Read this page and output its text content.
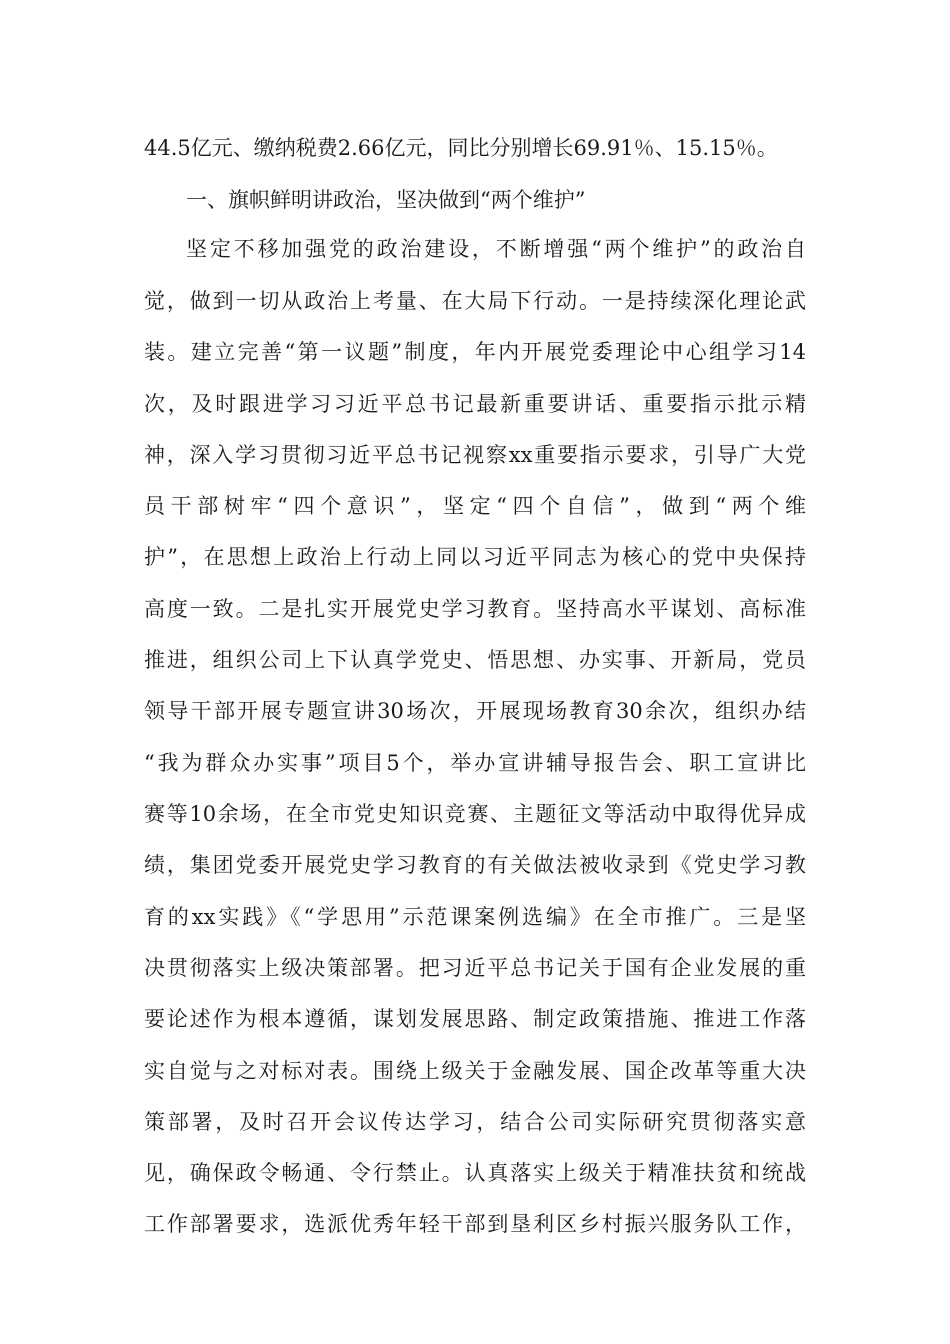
44.5亿元、缴纳税费2.66亿元，同比分别增长69.91％、15.15％。
一、旗帜鲜明讲政治，坚决做到“两个维护”
坚定不移加强党的政治建设，不断增强“两个维护”的政治自
觉，做到一切从政治上考量、在大局下行动。一是持续深化理论武
装。建立完善“第一议题”制度，年内开展党委理论中心组学习14
次，及时跟进学习习近平总书记最新重要讲话、重要指示批示精
神，深入学习贯彻习近平总书记视察xx重要指示要求，引导广大党
员干部树牢“四个意识”，坚定“四个自信”，做到“两个维
护”，在思想上政治上行动上同以习近平同志为核心的党中央保持
高度一致。二是扎实开展党史学习教育。坚持高水平谋划、高标准
推进，组织公司上下认真学党史、悟思想、办实事、开新局，党员
领导干部开展专题宣讲30场次，开展现场教育30余次，组织办结
“我为群众办实事”项目5个，举办宣讲辅导报告会、职工宣讲比
赛等10余场，在全市党史知识竞赛、主题征文等活动中取得优异成
绩，集团党委开展党史学习教育的有关做法被收录到《党史学习教
育的xx实践》《“学思用”示范课案例选编》在全市推广。三是坚
决贯彻落实上级决策部署。把习近平总书记关于国有企业发展的重
要论述作为根本遵循，谋划发展思路、制定政策措施、推进工作落
实自觉与之对标对表。围绕上级关于金融发展、国企改革等重大决
策部署，及时召开会议传达学习，结合公司实际研究贯彻落实意
见，确保政令畅通、令行禁止。认真落实上级关于精准扶贫和统战
工作部署要求，选派优秀年轻干部到垦利区乡村振兴服务队工作，
